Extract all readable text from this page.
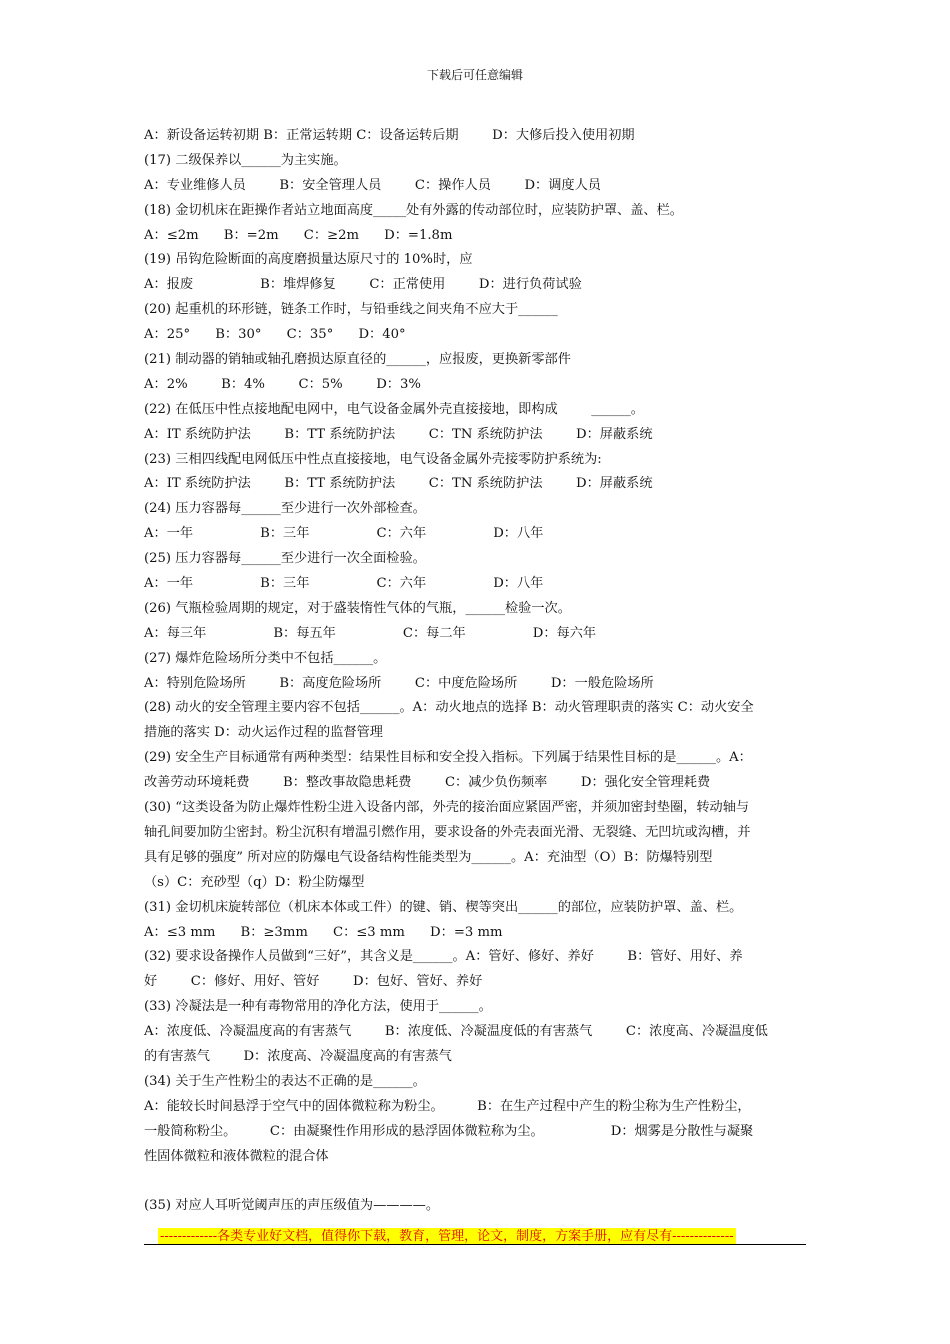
下载后可任意编辑
A：新设备运转初期 B：正常运转期 C：设备运转后期        D：大修后投入使用初期
(17) 二级保养以______为主实施。
A：专业维修人员        B：安全管理人员        C：操作人员        D：调度人员
(18) 金切机床在距操作者站立地面高度_____处有外露的传动部位时，应装防护罩、盖、栏。
A：≤2m      B：=2m      C：≥2m      D：=1.8m
(19) 吊钩危险断面的高度磨损量达原尺寸的 10%时，应
A：报废                B：堆焊修复        C：正常使用        D：进行负荷试验
(20) 起重机的环形链，链条工作时，与铅垂线之间夹角不应大于______
A：25°      B：30°      C：35°      D：40°
(21) 制动器的销轴或轴孔磨损达原直径的______，应报废，更换新零部件
A：2%        B：4%        C：5%        D：3%
(22) 在低压中性点接地配电网中，电气设备金属外壳直接接地，即构成        ______。
A：IT 系统防护法        B：TT 系统防护法        C：TN 系统防护法        D：屏蔽系统
(23) 三相四线配电网低压中性点直接接地，电气设备金属外壳接零防护系统为:
A：IT 系统防护法        B：TT 系统防护法        C：TN 系统防护法        D：屏蔽系统
(24) 压力容器每______至少进行一次外部检查。
A：一年                B：三年                C：六年                D：八年
(25) 压力容器每______至少进行一次全面检验。
A：一年                B：三年                C：六年                D：八年
(26) 气瓶检验周期的规定，对于盛装惰性气体的气瓶，______检验一次。
A：每三年                B：每五年                C：每二年                D：每六年
(27) 爆炸危险场所分类中不包括______。
A：特别危险场所        B：高度危险场所        C：中度危险场所        D：一般危险场所
(28) 动火的安全管理主要内容不包括______。A：动火地点的选择 B：动火管理职责的落实 C：动火安全
措施的落实 D：动火运作过程的监督管理
(29) 安全生产目标通常有两种类型：结果性目标和安全投入指标。下列属于结果性目标的是______。A：
改善劳动环境耗费        B：整改事故隐患耗费        C：减少负伤频率        D：强化安全管理耗费
(30) “这类设备为防止爆炸性粉尘进入设备内部，外壳的接治面应紧固严密，并须加密封垫圈，转动轴与
轴孔间要加防尘密封。粉尘沉积有增温引燃作用，要求设备的外壳表面光滑、无裂缝、无凹坑或沟槽，并
具有足够的强度” 所对应的防爆电气设备结构性能类型为______。A：充油型（O）B：防爆特别型
（s）C：充砂型（q）D：粉尘防爆型
(31) 金切机床旋转部位（机床本体或工件）的键、销、楔等突出______的部位，应装防护罩、盖、栏。
A：≤3 mm      B：≥3mm      C：≤3 mm      D：=3 mm
(32) 要求设备操作人员做到“三好”，其含义是______。A：管好、修好、养好        B：管好、用好、养
好        C：修好、用好、管好        D：包好、管好、养好
(33) 冷凝法是一种有毒物常用的净化方法，使用于______。
A：浓度低、冷凝温度高的有害蒸气        B：浓度低、冷凝温度低的有害蒸气        C：浓度高、冷凝温度低
的有害蒸气        D：浓度高、冷凝温度高的有害蒸气
(34) 关于生产性粉尘的表达不正确的是______。
A：能较长时间悬浮于空气中的固体微粒称为粉尘。        B：在生产过程中产生的粉尘称为生产性粉尘，
一般简称粉尘。        C：由凝聚性作用形成的悬浮固体微粒称为尘。                D：烟雾是分散性与凝聚
性固体微粒和液体微粒的混合体
(35) 对应人耳听觉阈声压的声压级值为————。
-------------各类专业好文档，值得你下载，教育，管理，论文，制度，方案手册，应有尽有--------------
